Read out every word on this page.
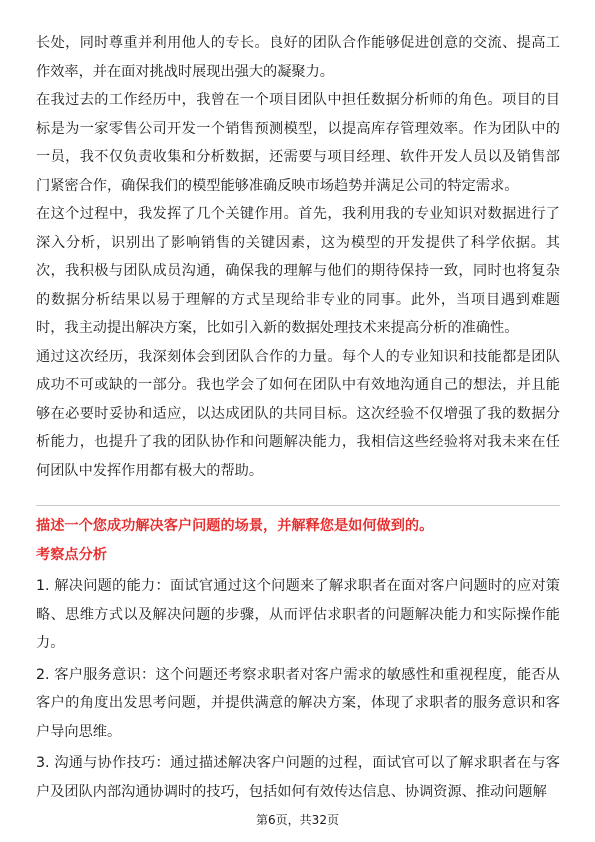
长处，同时尊重并利用他人的专长。良好的团队合作能够促进创意的交流、提高工作效率，并在面对挑战时展现出强大的凝聚力。

在我过去的工作经历中，我曾在一个项目团队中担任数据分析师的角色。项目的目标是为一家零售公司开发一个销售预测模型，以提高库存管理效率。作为团队中的一员，我不仅负责收集和分析数据，还需要与项目经理、软件开发人员以及销售部门紧密合作，确保我们的模型能够准确反映市场趋势并满足公司的特定需求。

在这个过程中，我发挥了几个关键作用。首先，我利用我的专业知识对数据进行了深入分析，识别出了影响销售的关键因素，这为模型的开发提供了科学依据。其次，我积极与团队成员沟通，确保我的理解与他们的期待保持一致，同时也将复杂的数据分析结果以易于理解的方式呈现给非专业的同事。此外，当项目遇到难题时，我主动提出解决方案，比如引入新的数据处理技术来提高分析的准确性。

通过这次经历，我深刻体会到团队合作的力量。每个人的专业知识和技能都是团队成功不可或缺的一部分。我也学会了如何在团队中有效地沟通自己的想法，并且能够在必要时妥协和适应，以达成团队的共同目标。这次经验不仅增强了我的数据分析能力，也提升了我的团队协作和问题解决能力，我相信这些经验将对我未来在任何团队中发挥作用都有极大的帮助。

描述一个您成功解决客户问题的场景，并解释您是如何做到的。

考察点分析

1. 解决问题的能力：面试官通过这个问题来了解求职者在面对客户问题时的应对策略、思维方式以及解决问题的步骤，从而评估求职者的问题解决能力和实际操作能力。

2. 客户服务意识：这个问题还考察求职者对客户需求的敏感性和重视程度，能否从客户的角度出发思考问题，并提供满意的解决方案，体现了求职者的服务意识和客户导向思维。

3. 沟通与协作技巧：通过描述解决客户问题的过程，面试官可以了解求职者在与客户及团队内部沟通协调时的技巧，包括如何有效传达信息、协调资源、推动问题解

第6页，共32页
